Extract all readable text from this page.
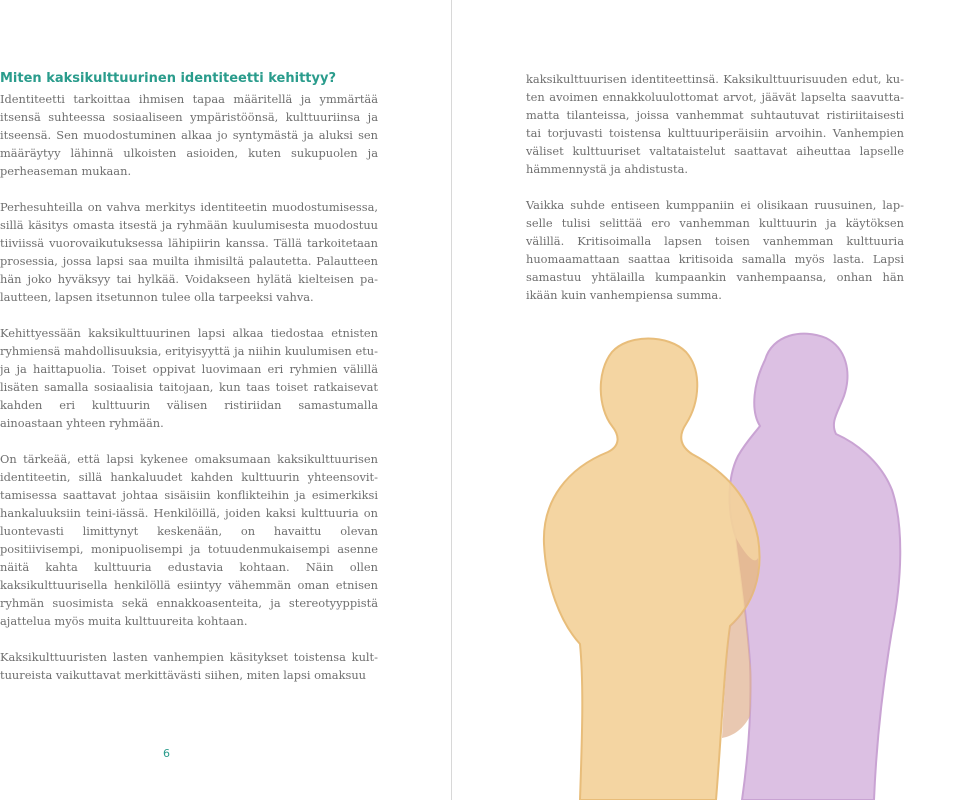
Miten kaksikulttuurinen identiteetti kehittyy?

Identiteetti tarkoittaa ihmisen tapaa määritellä ja ymmärtää itsensä suhteessa sosiaaliseen ympäristöönsä, kulttuuriinsa ja itseensä. Sen muodostuminen alkaa jo syntymästä ja aluksi sen määräytyy lähinnä ulkoisten asioiden, kuten sukupuolen ja perheaseman mukaan.

Perhesuhteilla on vahva merkitys identiteetin muodostumisessa, sillä käsitys omasta itsestä ja ryhmään kuulumisesta muodostuu tiiviissä vuorovaikutuksessa lähipiirin kanssa. Tällä tarkoitetaan prosessia, jossa lapsi saa muilta ihmisiltä palautetta. Palautteen hän joko hyväksyy tai hylkää. Voidakseen hylätä kielteisen palautteen, lapsen itsetunnon tulee olla tarpeeksi vahva.

Kehittyessään kaksikulttuurinen lapsi alkaa tiedostaa etnisten ryhmiensä mahdollisuuksia, erityisyyttä ja niihin kuulumisen etuja ja haittapuolia. Toiset oppivat luovimaan eri ryhmien välillä lisäten samalla sosiaalisia taitojaan, kun taas toiset ratkaisevat kahden eri kulttuurin välisen ristiriidan samastumalla ainoastaan yhteen ryhmään.

On tärkeää, että lapsi kykenee omaksumaan kaksikulttuurisen identiteetin, sillä hankaluudet kahden kulttuurin yhteensovittamisessa saattavat johtaa sisäisiin konflikteihin ja esimerkiksi hankaluuksiin teini-iässä. Henkilöillä, joiden kaksi kulttuuria on luontevasti limittynyt keskenään, on havaittu olevan positiivisempi, monipuolisempi ja totuudenmukaisempi asenne näitä kahta kulttuuria edustavia kohtaan. Näin ollen kaksikulttuurisella henkilöllä esiintyy vähemmän oman etnisen ryhmän suosimista sekä ennakkoasenteita, ja stereotyyppistä ajattelua myös muita kulttuureita kohtaan.

Kaksikulttuuristen lasten vanhempien käsitykset toistensa kulttuureista vaikuttavat merkittävästi siihen, miten lapsi omaksuu

6

kaksikulttuurisen identiteettinsä. Kaksikulttuurisuuden edut, kuten avoimen ennakkoluulottomat arvot, jäävät lapselta saavuttamatta tilanteissa, joissa vanhemmat suhtautuvat ristiriitaisesti tai torjuvasti toistensa kulttuuriperäisiin arvoihin. Vanhempien väliset kulttuuriset valtataistelut saattavat aiheuttaa lapselle hämmennystä ja ahdistusta.

Vaikka suhde entiseen kumppaniin ei olisikaan ruusuinen, lapselle tulisi selittää ero vanhemman kulttuurin ja käytöksen välillä. Kritisoimalla lapsen toisen vanhemman kulttuuria huomaamattaan saattaa kritisoida samalla myös lasta. Lapsi samastuu yhtälailla kumpaankin vanhempaansa, onhan hän ikään kuin vanhempiensa summa.
